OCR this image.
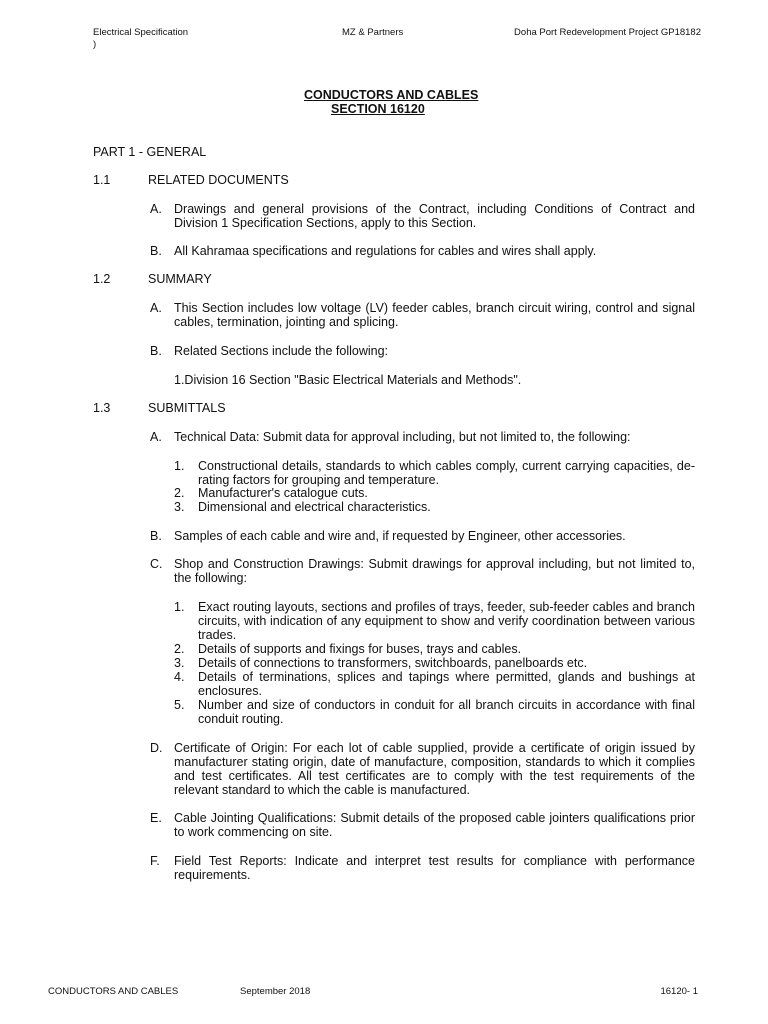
Electrical Specification
)
MZ & Partners	Doha Port Redevelopment Project GP18182
CONDUCTORS AND CABLES
SECTION 16120
PART 1 - GENERAL
1.1	RELATED DOCUMENTS
A. Drawings and general provisions of the Contract, including Conditions of Contract and Division 1 Specification Sections, apply to this Section.
B. All Kahramaa specifications and regulations for cables and wires shall apply.
1.2	SUMMARY
A. This Section includes low voltage (LV) feeder cables, branch circuit wiring, control and signal cables, termination, jointing and splicing.
B. Related Sections include the following:
1.Division 16 Section "Basic Electrical Materials and Methods".
1.3	SUBMITTALS
A. Technical Data: Submit data for approval including, but not limited to, the following:
1. Constructional details, standards to which cables comply, current carrying capacities, de-rating factors for grouping and temperature.
2. Manufacturer's catalogue cuts.
3. Dimensional and electrical characteristics.
B. Samples of each cable and wire and, if requested by Engineer, other accessories.
C. Shop and Construction Drawings: Submit drawings for approval including, but not limited to, the following:
1. Exact routing layouts, sections and profiles of trays, feeder, sub-feeder cables and branch circuits, with indication of any equipment to show and verify coordination between various trades.
2. Details of supports and fixings for buses, trays and cables.
3. Details of connections to transformers, switchboards, panelboards etc.
4. Details of terminations, splices and tapings where permitted, glands and bushings at enclosures.
5. Number and size of conductors in conduit for all branch circuits in accordance with final conduit routing.
D. Certificate of Origin: For each lot of cable supplied, provide a certificate of origin issued by manufacturer stating origin, date of manufacture, composition, standards to which it complies and test certificates. All test certificates are to comply with the test requirements of the relevant standard to which the cable is manufactured.
E. Cable Jointing Qualifications: Submit details of the proposed cable jointers qualifications prior to work commencing on site.
F. Field Test Reports: Indicate and interpret test results for compliance with performance requirements.
CONDUCTORS AND CABLES	September 2018	16120- 1
